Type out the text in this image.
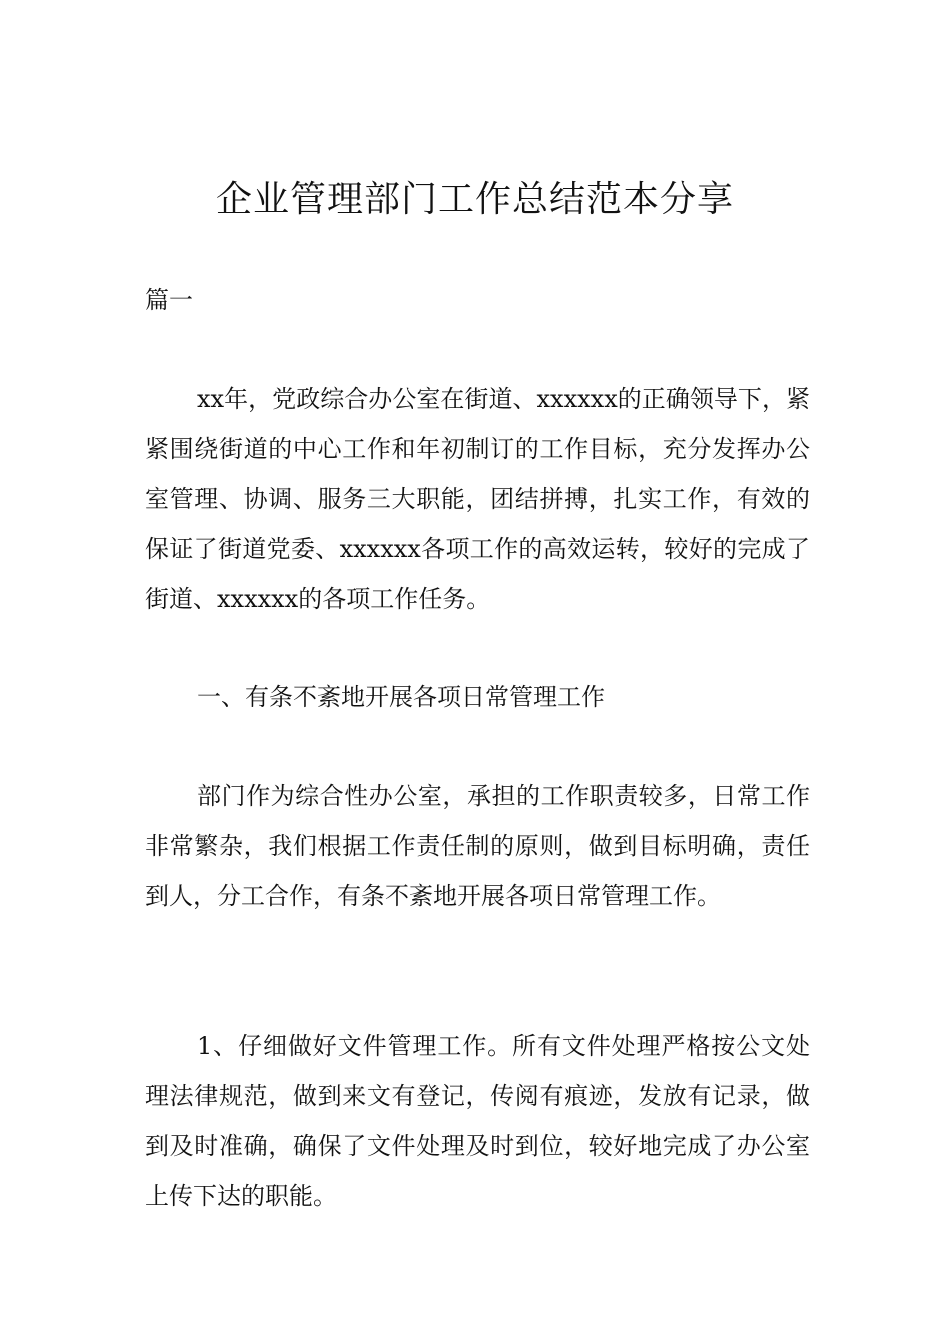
企业管理部门工作总结范本分享

篇一

xx年，党政综合办公室在街道、xxxxxx的正确领导下，紧紧围绕街道的中心工作和年初制订的工作目标，充分发挥办公室管理、协调、服务三大职能，团结拼搏，扎实工作，有效的保证了街道党委、xxxxxx各项工作的高效运转，较好的完成了街道、xxxxxx的各项工作任务。

一、有条不紊地开展各项日常管理工作

部门作为综合性办公室，承担的工作职责较多，日常工作非常繁杂，我们根据工作责任制的原则，做到目标明确，责任到人，分工合作，有条不紊地开展各项日常管理工作。

1、仔细做好文件管理工作。所有文件处理严格按公文处理法律规范，做到来文有登记，传阅有痕迹，发放有记录，做到及时准确，确保了文件处理及时到位，较好地完成了办公室上传下达的职能。
